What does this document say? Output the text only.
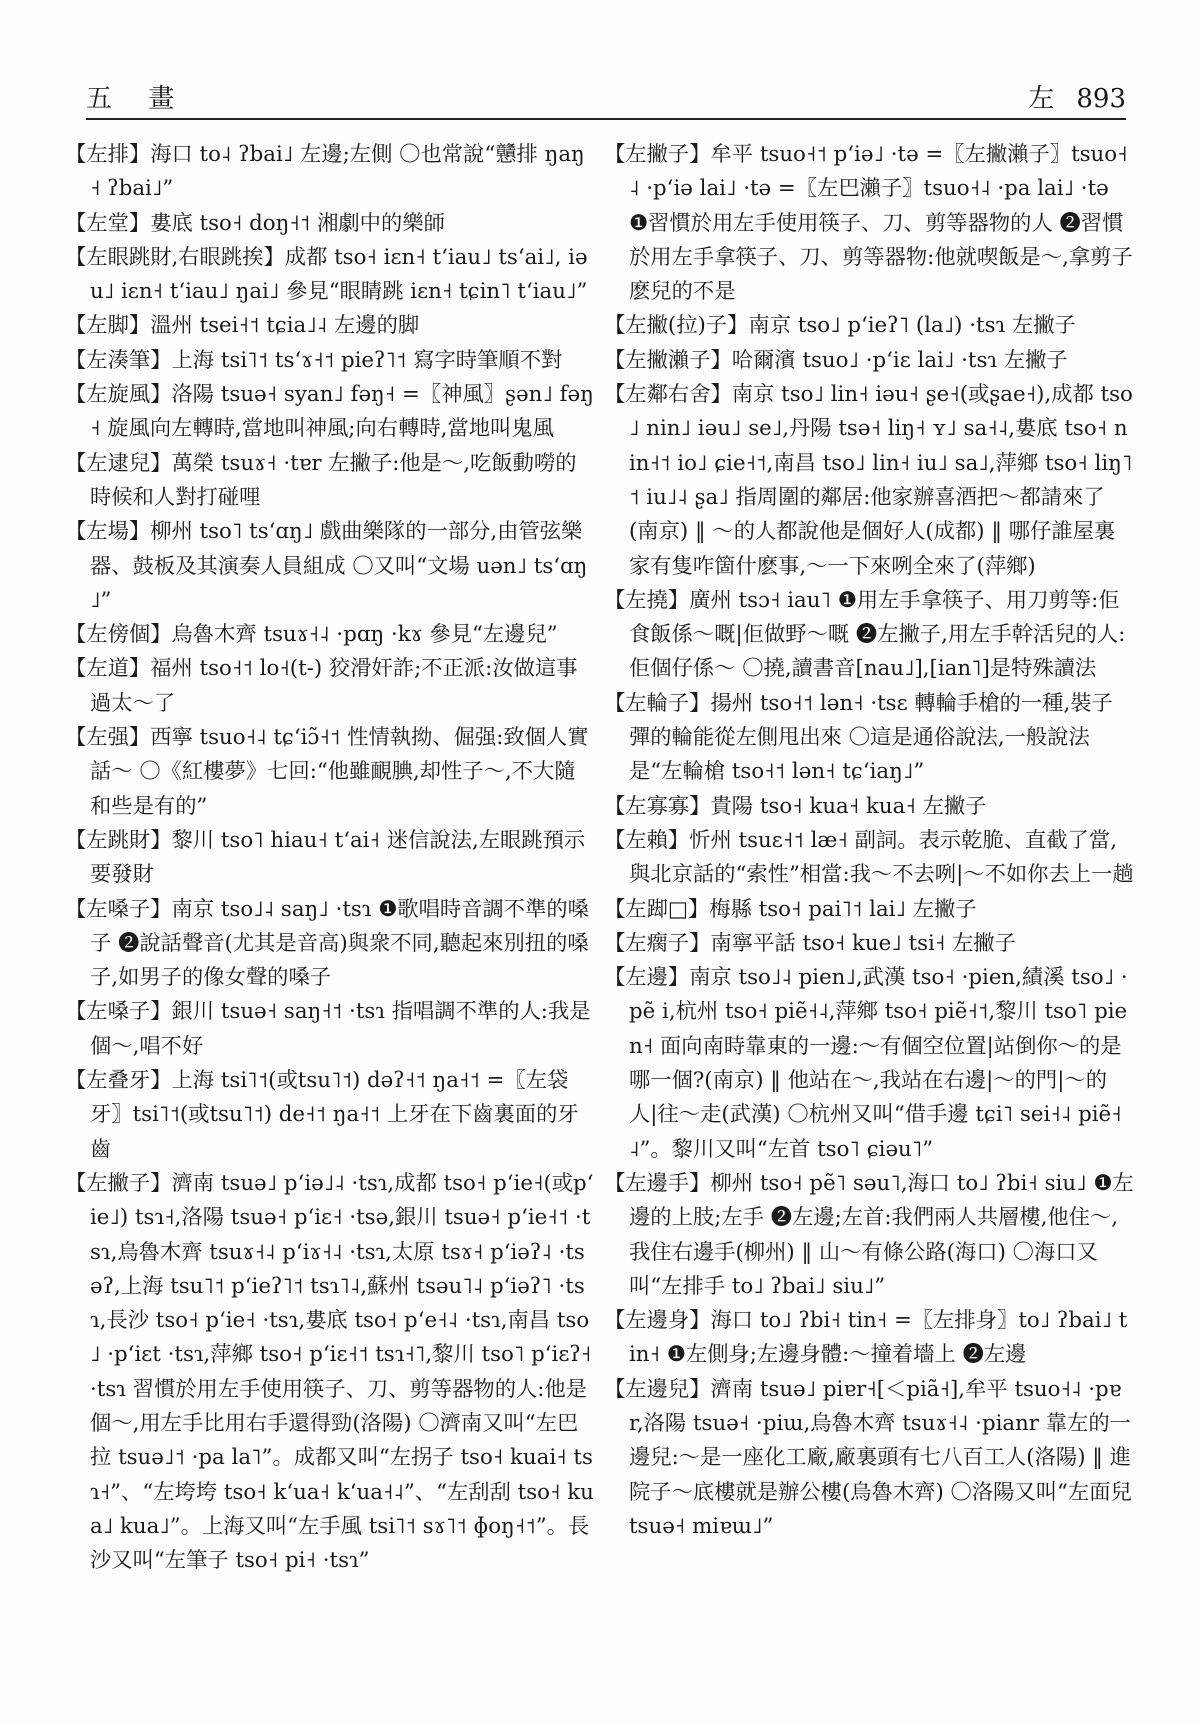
五 畫	左 893

【左排】海口 to˨ ʔbai˩ 左邊;左側 〇也常說“戇排 ŋaŋ˧ ʔbai˩”

【左堂】婁底 tso˧ doŋ˧˦ 湘劇中的樂師

【左眼跳財,右眼跳挨】成都 tso˧ iɛn˧ tʻiau˩ tsʻai˩, iəu˩ iɛn˧ tʻiau˩ ŋai˩ 參見“眼睛跳 iɛn˧ tɕin˥ tʻiau˩”

【左脚】溫州 tsei˧˦ tɕia˩˨ 左邊的脚

【左湊筆】上海 tsi˥˦ tsʻɤ˧˦ pieʔ˥˦ 寫字時筆順不對

【左旋風】洛陽 tsuə˧ syan˩ fəŋ˧ =〖神風〗ʂən˩ fəŋ˧ 旋風向左轉時,當地叫神風;向右轉時,當地叫鬼風

【左逮兒】萬榮 tsuɤ˧ ·tɐr 左撇子:他是～,吃飯動嘮的時候和人對打碰哩

【左場】柳州 tso˥ tsʻɑŋ˩ 戲曲樂隊的一部分,由管弦樂器、鼓板及其演奏人員組成 〇又叫“文場 uən˩ tsʻɑŋ˩”

【左傍個】烏魯木齊 tsuɤ˧˨ ·pɑŋ ·kɤ 參見“左邊兒”

【左道】福州 tso˧˦ lo˧(t-) 狡滑奸詐;不正派:汝做這事過太～了

【左强】西寧 tsuo˧˨ tɕʻiɔ̃˧˦ 性情執拗、倔强:致個人實話～ 〇《紅樓夢》七回:“他雖靦腆,却性子～,不大隨和些是有的”

【左跳財】黎川 tso˥ hiau˧ tʻai˧ 迷信說法,左眼跳預示要發財

【左嗓子】南京 tso˩˨ saŋ˩ ·tsɿ ❶歌唱時音調不準的嗓子 ❷說話聲音(尤其是音高)與衆不同,聽起來別扭的嗓子,如男子的像女聲的嗓子

【左嗓子】銀川 tsuə˧ saŋ˧˦ ·tsɿ 指唱調不準的人:我是個～,唱不好

【左叠牙】上海 tsi˥˦(或tsu˥˦) dəʔ˧˦ ŋa˧˦ =〖左袋牙〗tsi˥˦(或tsu˥˦) de˧˦ ŋa˧˦ 上牙在下齒裏面的牙齒

【左撇子】濟南 tsuə˩ pʻiə˩˨ ·tsɿ,成都 tso˧ pʻie˧(或pʻie˩) tsɿ˧,洛陽 tsuə˧ pʻiɛ˧ ·tsə,銀川 tsuə˧ pʻie˧˦ ·tsɿ,烏魯木齊 tsuɤ˧˨ pʻiɤ˧˨ ·tsɿ,太原 tsɤ˧ pʻiəʔ˨ ·tsəʔ,上海 tsu˥˦ pʻieʔ˥˦ tsɿ˥˨,蘇州 tsəu˥˨ pʻiəʔ˥ ·tsɿ,長沙 tso˧ pʻie˧ ·tsɿ,婁底 tso˧ pʻe˧˨ ·tsɿ,南昌 tso˩ ·pʻiɛt ·tsɿ,萍鄉 tso˧ pʻiɛ˧˦ tsɿ˧˥,黎川 tso˥ pʻiɛʔ˧ ·tsɿ 習慣於用左手使用筷子、刀、剪等器物的人:他是個～,用左手比用右手還得勁(洛陽) 〇濟南又叫“左巴拉 tsuə˩˦ ·pa la˥”。成都又叫“左拐子 tso˧ kuai˧ tsɿ˧”、“左垮垮 tso˧ kʻua˧ kʻua˧˨”、“左刮刮 tso˧ kua˩ kua˩”。上海又叫“左手風 tsi˥˦ sɤ˥˦ ɸoŋ˧˦”。長沙又叫“左筆子 tso˧ pi˧ ·tsɿ”

【左撇子】牟平 tsuo˧˦ pʻiə˩ ·tə =〖左撇瀨子〗tsuo˧˨ ·pʻiə lai˩ ·tə =〖左巴瀨子〗tsuo˧˨ ·pa lai˩ ·tə ❶習慣於用左手使用筷子、刀、剪等器物的人 ❷習慣於用左手拿筷子、刀、剪等器物:他就喫飯是～,拿剪子麽兒的不是

【左撇(拉)子】南京 tso˩ pʻieʔ˥ (la˩) ·tsɿ 左撇子

【左撇瀨子】哈爾濱 tsuo˩ ·pʻiɛ lai˩ ·tsɿ 左撇子

【左鄰右舍】南京 tso˩ lin˧ iəu˧ ʂe˧(或ʂae˧),成都 tso˩ nin˩ iəu˩ se˩,丹陽 tsə˧ liŋ˧ ʏ˩ sa˧˨,婁底 tso˧ nin˧˦ io˩ ɕie˧˦,南昌 tso˩ lin˧ iu˩ sa˩,萍鄉 tso˧ liŋ˥˦ iu˩˨ ʂa˩ 指周圍的鄰居:他家辦喜酒把～都請來了(南京) ‖ ～的人都說他是個好人(成都) ‖ 哪仔誰屋裏家有隻咋箇什麽事,～一下來咧全來了(萍鄉)

【左撓】廣州 tsɔ˧ iau˥ ❶用左手拿筷子、用刀剪等:佢食飯係～嘅|佢做野～嘅 ❷左撇子,用左手幹活兒的人:佢個仔係～ 〇撓,讀書音[nau˩],[ian˥]是特殊讀法

【左輪子】揚州 tso˧˦ lən˧ ·tsɛ 轉輪手槍的一種,裝子彈的輪能從左側甩出來 〇這是通俗說法,一般說法是“左輪槍 tso˧˦ lən˧ tɕʻiaŋ˩”

【左寡寡】貴陽 tso˧ kua˧ kua˧ 左撇子

【左賴】忻州 tsuɛ˧˦ læ˧ 副詞。表示乾脆、直截了當,與北京話的“索性”相當:我～不去咧|～不如你去上一趟

【左踋□】梅縣 tso˧ pai˥˦ lai˩ 左撇子

【左瘸子】南寧平話 tso˧ kue˩ tsi˧ 左撇子

【左邊】南京 tso˩˨ pien˩,武漢 tso˧ ·pien,績溪 tso˩ ·pẽ i,杭州 tso˧ piẽ˧˨,萍鄉 tso˧ piẽ˧˦,黎川 tso˥ pien˧ 面向南時靠東的一邊:～有個空位置|站倒你～的是哪一個?(南京) ‖ 他站在～,我站在右邊|～的門|～的人|往～走(武漢) 〇杭州又叫“借手邊 tɕi˥ sei˧˨ piẽ˧˨”。黎川又叫“左首 tso˥ ɕiəu˥”

【左邊手】柳州 tso˧ pẽ˥ səu˥,海口 to˩ ʔbi˧ siu˩ ❶左邊的上肢;左手 ❷左邊;左首:我們兩人共層樓,他住～,我住右邊手(柳州) ‖ 山～有條公路(海口) 〇海口又叫“左排手 to˩ ʔbai˩ siu˩”

【左邊身】海口 to˩ ʔbi˧ tin˧ =〖左排身〗to˩ ʔbai˩ tin˧ ❶左側身;左邊身體:～撞着墻上 ❷左邊

【左邊兒】濟南 tsuə˩ piɐr˧[＜piã˧],牟平 tsuo˧˨ ·pɐr,洛陽 tsuə˧ ·piɯ,烏魯木齊 tsuɤ˧˨ ·pianr 靠左的一邊兒:～是一座化工廠,廠裏頭有七八百工人(洛陽) ‖ 進院子～底樓就是辦公樓(烏魯木齊) 〇洛陽又叫“左面兒 tsuə˧ miɐɯ˩”
